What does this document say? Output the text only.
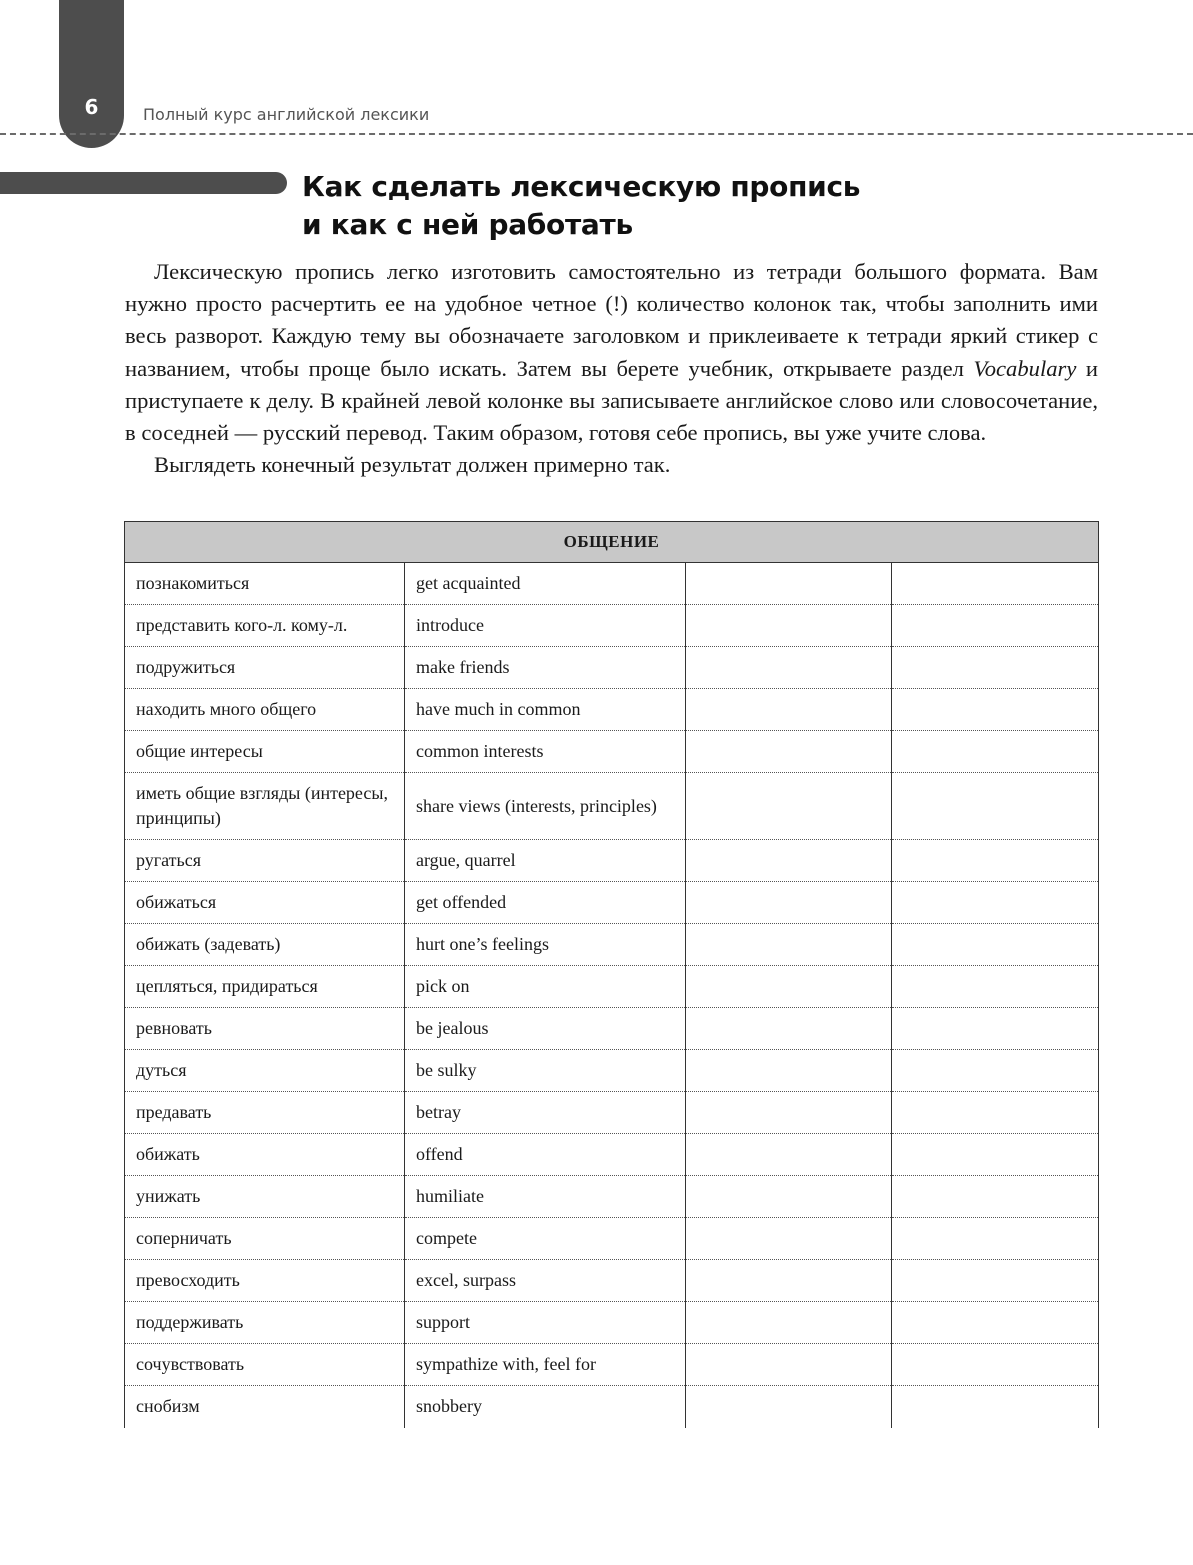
6	Полный курс английской лексики
Как сделать лексическую пропись
и как с ней работать

Лексическую пропись легко изготовить самостоятельно из тетради большого формата. Вам нужно просто расчертить ее на удобное четное (!) количество колонок так, чтобы заполнить ими весь разворот. Каждую тему вы обозначаете заголовком и приклеиваете к тетради яркий стикер с названием, чтобы проще было искать. Затем вы берете учебник, открываете раздел Vocabulary и приступаете к делу. В крайней левой колонке вы записываете английское слово или словосочетание, в соседней — русский перевод. Таким образом, готовя себе пропись, вы уже учите слова.

Выглядеть конечный результат должен примерно так.

ОБЩЕНИЕ			
познакомиться	get acquainted		
представить кого-л. кому-л.	introduce		
подружиться	make friends		
находить много общего	have much in common		
общие интересы	common interests		
иметь общие взгляды (интересы, принципы)	share views (interests, principles)		
ругаться	argue, quarrel		
обижаться	get offended		
обижать (задевать)	hurt one’s feelings		
цепляться, придираться	pick on		
ревновать	be jealous		
дуться	be sulky		
предавать	betray		
обижать	offend		
унижать	humiliate		
соперничать	compete		
превосходить	excel, surpass		
поддерживать	support		
сочувствовать	sympathize with, feel for		
снобизм	snobbery		
